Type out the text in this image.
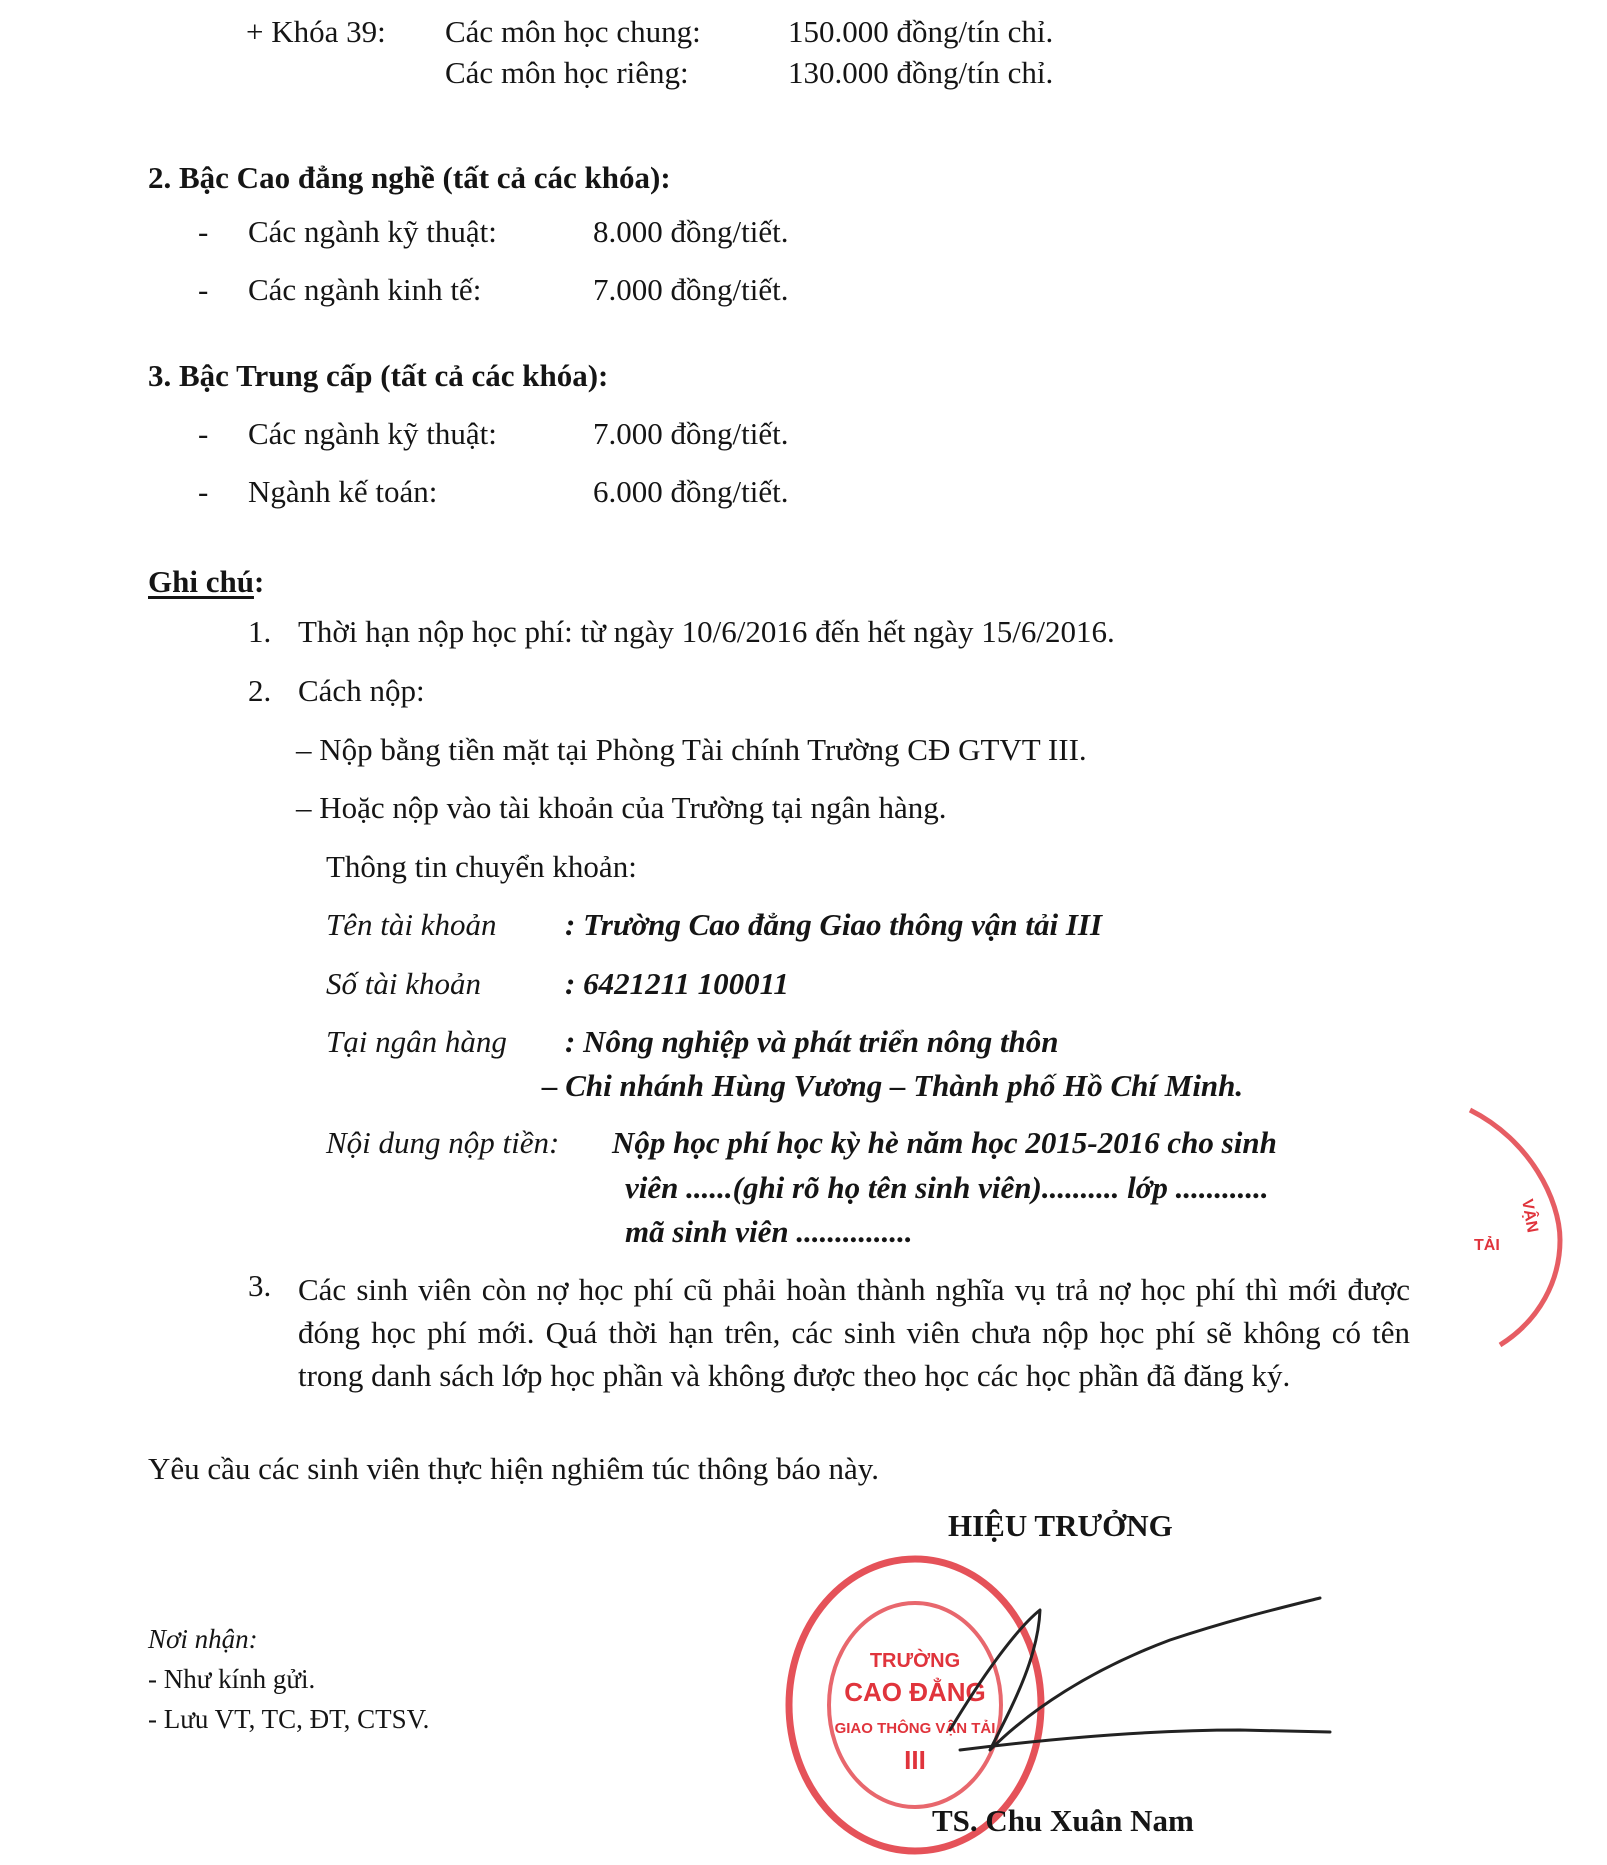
+ Khóa 39: Các môn học chung:	150.000 đồng/tín chỉ.
Các môn học riêng:	130.000 đồng/tín chỉ.
2. Bậc Cao đẳng nghề (tất cả các khóa):
- Các ngành kỹ thuật:	8.000 đồng/tiết.
- Các ngành kinh tế:	7.000 đồng/tiết.
3. Bậc Trung cấp (tất cả các khóa):
- Các ngành kỹ thuật:	7.000 đồng/tiết.
- Ngành kế toán:	6.000 đồng/tiết.
Ghi chú:
1. Thời hạn nộp học phí: từ ngày 10/6/2016 đến hết ngày 15/6/2016.
2. Cách nộp:
– Nộp bằng tiền mặt tại Phòng Tài chính Trường CĐ GTVT III.
– Hoặc nộp vào tài khoản của Trường tại ngân hàng.
Thông tin chuyển khoản:
Tên tài khoản : Trường Cao đẳng Giao thông vận tải III
Số tài khoản	: 6421211 100011
Tại ngân hàng : Nông nghiệp và phát triển nông thôn
– Chi nhánh Hùng Vương – Thành phố Hồ Chí Minh.
Nội dung nộp tiền: Nộp học phí học kỳ hè năm học 2015-2016 cho sinh
viên ......(ghi rõ họ tên sinh viên).......... lớp ............
mã sinh viên ...............
3. Các sinh viên còn nợ học phí cũ phải hoàn thành nghĩa vụ trả nợ học phí thì mới được đóng học phí mới. Quá thời hạn trên, các sinh viên chưa nộp học phí sẽ không có tên trong danh sách lớp học phần và không được theo học các học phần đã đăng ký.
Yêu cầu các sinh viên thực hiện nghiêm túc thông báo này.
TRƯỜNG
CAO ĐẲNG
GIAO THÔNG VẬN TẢI
III
HIỆU TRƯỞNG
TS. Chu Xuân Nam
VẬN
TẢI
Nơi nhận:
- Như kính gửi.
- Lưu VT, TC, ĐT, CTSV.
